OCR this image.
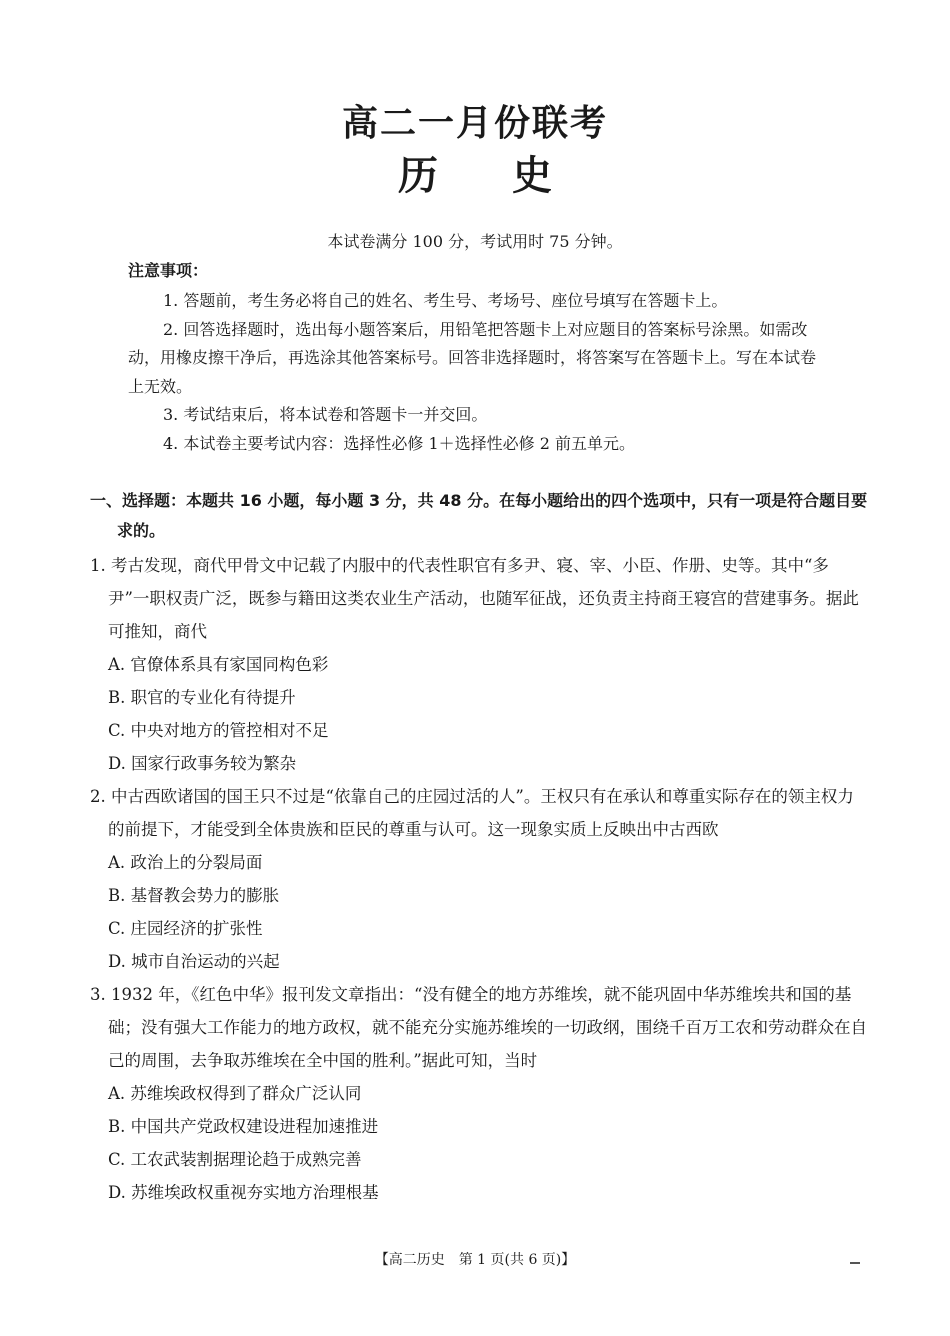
高二一月份联考
历 史
本试卷满分 100 分，考试用时 75 分钟。
注意事项：

1. 答题前，考生务必将自己的姓名、考生号、考场号、座位号填写在答题卡上。

2. 回答选择题时，选出每小题答案后，用铅笔把答题卡上对应题目的答案标号涂黑。如需改动，用橡皮擦干净后，再选涂其他答案标号。回答非选择题时，将答案写在答题卡上。写在本试卷上无效。

3. 考试结束后，将本试卷和答题卡一并交回。

4. 本试卷主要考试内容：选择性必修 1＋选择性必修 2 前五单元。

一、选择题：本题共 16 小题，每小题 3 分，共 48 分。在每小题给出的四个选项中，只有一项是符合题目要求的。

1. 考古发现，商代甲骨文中记载了内服中的代表性职官有多尹、寝、宰、小臣、作册、史等。其中“多尹”一职权责广泛，既参与籍田这类农业生产活动，也随军征战，还负责主持商王寝宫的营建事务。据此可推知，商代

A. 官僚体系具有家国同构色彩

B. 职官的专业化有待提升

C. 中央对地方的管控相对不足

D. 国家行政事务较为繁杂

2. 中古西欧诸国的国王只不过是“依靠自己的庄园过活的人”。王权只有在承认和尊重实际存在的领主权力的前提下，才能受到全体贵族和臣民的尊重与认可。这一现象实质上反映出中古西欧

A. 政治上的分裂局面

B. 基督教会势力的膨胀

C. 庄园经济的扩张性

D. 城市自治运动的兴起

3. 1932 年，《红色中华》报刊发文章指出：“没有健全的地方苏维埃，就不能巩固中华苏维埃共和国的基础；没有强大工作能力的地方政权，就不能充分实施苏维埃的一切政纲，围绕千百万工农和劳动群众在自己的周围，去争取苏维埃在全中国的胜利。”据此可知，当时

A. 苏维埃政权得到了群众广泛认同

B. 中国共产党政权建设进程加速推进

C. 工农武装割据理论趋于成熟完善

D. 苏维埃政权重视夯实地方治理根基

【高二历史　第 1 页(共 6 页)】
